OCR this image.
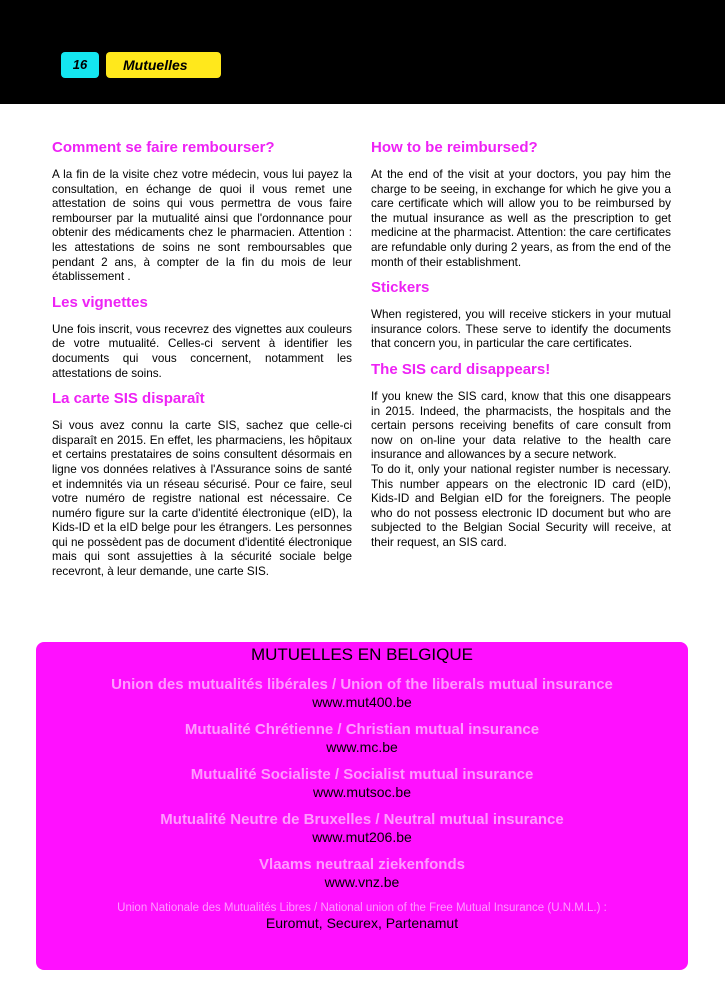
16	Mutuelles
Comment se faire rembourser?

A la fin de la visite chez votre médecin, vous lui payez la consultation, en échange de quoi il vous remet une attestation de soins qui vous permettra de vous faire rembourser par la mutualité ainsi que l'ordonnance pour obtenir des médicaments chez le pharmacien. Attention : les attestations de soins ne sont remboursables que pendant 2 ans, à compter de la fin du mois de leur établissement .

Les vignettes

Une fois inscrit, vous recevrez des vignettes aux couleurs de votre mutualité. Celles-ci servent à identifier les documents qui vous concernent, notamment les attestations de soins.

La carte SIS disparaît

Si vous avez connu la carte SIS, sachez que celle-ci disparaît en 2015. En effet, les pharmaciens, les hôpitaux et certains prestataires de soins consultent désormais en ligne vos données relatives à l'Assurance soins de santé et indemnités via un réseau sécurisé. Pour ce faire, seul votre numéro de registre national est nécessaire. Ce numéro figure sur la carte d'identité électronique (eID), la Kids-ID et la eID belge pour les étrangers. Les personnes qui ne possèdent pas de document d'identité électronique mais qui sont assujetties à la sécurité sociale belge recevront, à leur demande, une carte SIS.

How to be reimbursed?

At the end of the visit at your doctors, you pay him the charge to be seeing, in exchange for which he give you a care certificate which will allow you to be reimbursed by the mutual insurance as well as the prescription to get medicine at the pharmacist. Attention: the care certificates are refundable only during 2 years, as from the end of the month of their establishment.

Stickers

When registered, you will receive stickers in your mutual insurance colors. These serve to identify the documents that concern you, in particular the care certificates.

The SIS card disappears!

If you knew the SIS card, know that this one disappears in 2015. Indeed, the pharmacists, the hospitals and the certain persons receiving benefits of care consult from now on on-line your data relative to the health care insurance and allowances by a secure network.

To do it, only your national register number is necessary. This number appears on the electronic ID card (eID), Kids-ID and Belgian eID for the foreigners. The people who do not possess electronic ID document but who are subjected to the Belgian Social Security will receive, at their request, an SIS card.

MUTUELLES EN BELGIQUE
Union des mutualités libérales / Union of the liberals mutual insurance
www.mut400.be
Mutualité Chrétienne / Christian mutual insurance
www.mc.be
Mutualité Socialiste / Socialist mutual insurance
www.mutsoc.be
Mutualité Neutre de Bruxelles / Neutral mutual insurance
www.mut206.be
Vlaams neutraal ziekenfonds
www.vnz.be
Union Nationale des Mutualités Libres / National union of the Free Mutual Insurance (U.N.M.L.) :
Euromut, Securex, Partenamut
